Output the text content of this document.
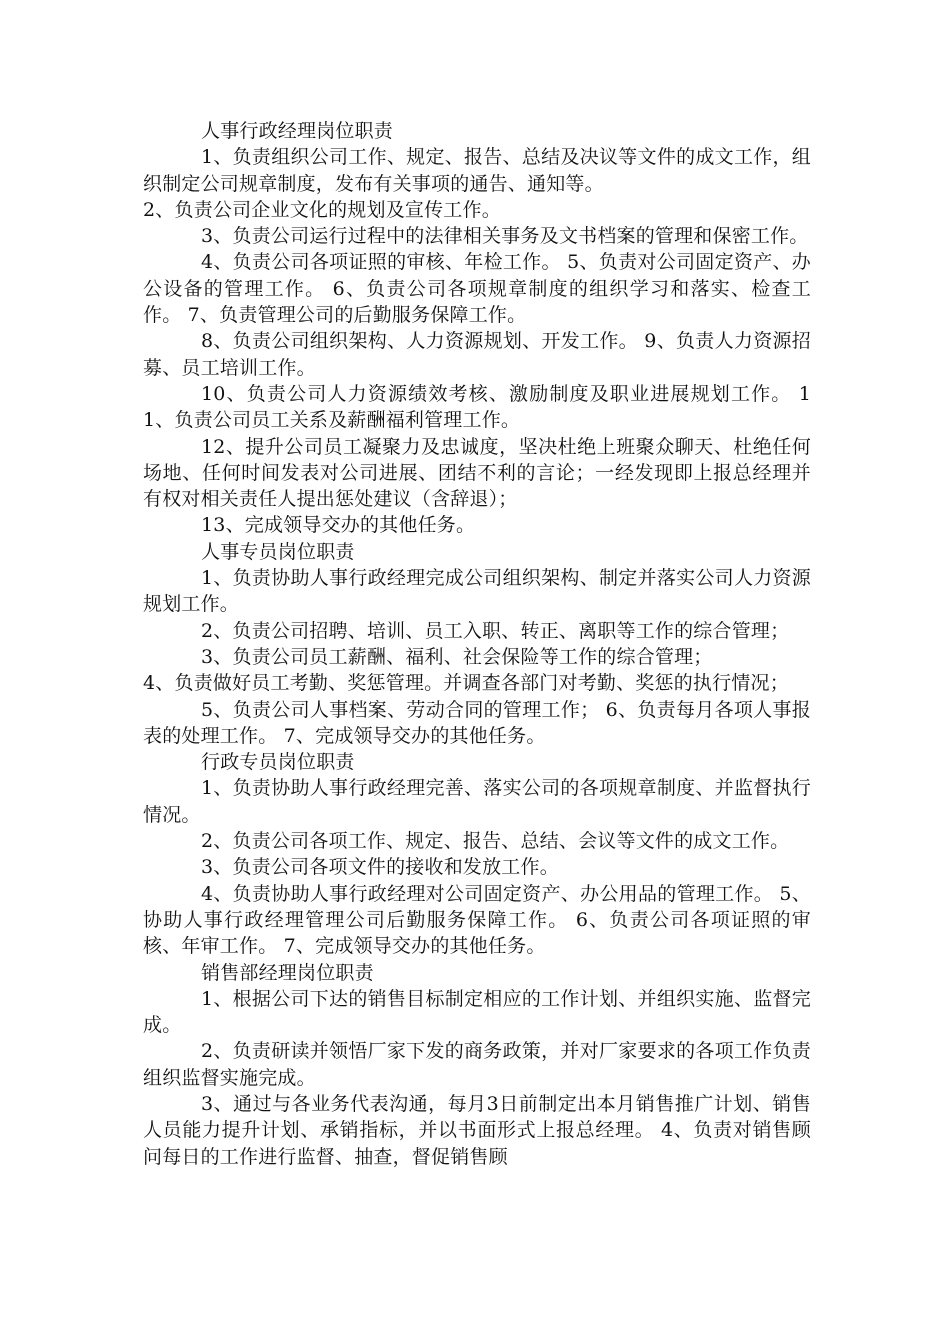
人事行政经理岗位职责

1、负责组织公司工作、规定、报告、总结及决议等文件的成文工作，组织制定公司规章制度，发布有关事项的通告、通知等。

2、负责公司企业文化的规划及宣传工作。

3、负责公司运行过程中的法律相关事务及文书档案的管理和保密工作。

4、负责公司各项证照的审核、年检工作。 5、负责对公司固定资产、办公设备的管理工作。 6、负责公司各项规章制度的组织学习和落实、检查工作。 7、负责管理公司的后勤服务保障工作。

8、负责公司组织架构、人力资源规划、开发工作。 9、负责人力资源招募、员工培训工作。

10、负责公司人力资源绩效考核、激励制度及职业进展规划工作。 11、负责公司员工关系及薪酬福利管理工作。

12、提升公司员工凝聚力及忠诚度，坚决杜绝上班聚众聊天、杜绝任何场地、任何时间发表对公司进展、团结不利的言论；一经发现即上报总经理并有权对相关责任人提出惩处建议（含辞退）；

13、完成领导交办的其他任务。

人事专员岗位职责

1、负责协助人事行政经理完成公司组织架构、制定并落实公司人力资源规划工作。

2、负责公司招聘、培训、员工入职、转正、离职等工作的综合管理；

3、负责公司员工薪酬、福利、社会保险等工作的综合管理；

4、负责做好员工考勤、奖惩管理。并调查各部门对考勤、奖惩的执行情况；

5、负责公司人事档案、劳动合同的管理工作； 6、负责每月各项人事报表的处理工作。 7、完成领导交办的其他任务。

行政专员岗位职责

1、负责协助人事行政经理完善、落实公司的各项规章制度、并监督执行情况。

2、负责公司各项工作、规定、报告、总结、会议等文件的成文工作。

3、负责公司各项文件的接收和发放工作。

4、负责协助人事行政经理对公司固定资产、办公用品的管理工作。 5、协助人事行政经理管理公司后勤服务保障工作。 6、负责公司各项证照的审核、年审工作。 7、完成领导交办的其他任务。

销售部经理岗位职责

1、根据公司下达的销售目标制定相应的工作计划、并组织实施、监督完成。

2、负责研读并领悟厂家下发的商务政策，并对厂家要求的各项工作负责组织监督实施完成。

3、通过与各业务代表沟通，每月3日前制定出本月销售推广计划、销售人员能力提升计划、承销指标，并以书面形式上报总经理。 4、负责对销售顾问每日的工作进行监督、抽查，督促销售顾
